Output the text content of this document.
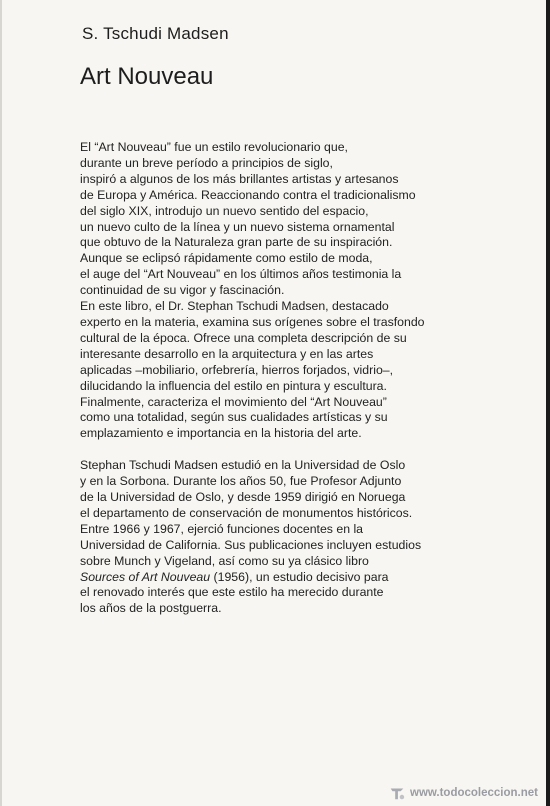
S. Tschudi Madsen
Art Nouveau
El “Art Nouveau” fue un estilo revolucionario que,
durante un breve período a principios de siglo,
inspiró a algunos de los más brillantes artistas y artesanos
de Europa y América. Reaccionando contra el tradicionalismo
del siglo XIX, introdujo un nuevo sentido del espacio,
un nuevo culto de la línea y un nuevo sistema ornamental
que obtuvo de la Naturaleza gran parte de su inspiración.
Aunque se eclipsó rápidamente como estilo de moda,
el auge del “Art Nouveau” en los últimos años testimonia la
continuidad de su vigor y fascinación.
En este libro, el Dr. Stephan Tschudi Madsen, destacado
experto en la materia, examina sus orígenes sobre el trasfondo
cultural de la época. Ofrece una completa descripción de su
interesante desarrollo en la arquitectura y en las artes
aplicadas –mobiliario, orfebrería, hierros forjados, vidrio–,
dilucidando la influencia del estilo en pintura y escultura.
Finalmente, caracteriza el movimiento del “Art Nouveau”
como una totalidad, según sus cualidades artísticas y su
emplazamiento e importancia en la historia del arte.
Stephan Tschudi Madsen estudió en la Universidad de Oslo
y en la Sorbona. Durante los años 50, fue Profesor Adjunto
de la Universidad de Oslo, y desde 1959 dirigió en Noruega
el departamento de conservación de monumentos históricos.
Entre 1966 y 1967, ejerció funciones docentes en la
Universidad de California. Sus publicaciones incluyen estudios
sobre Munch y Vigeland, así como su ya clásico libro
Sources of Art Nouveau (1956), un estudio decisivo para
el renovado interés que este estilo ha merecido durante
los años de la postguerra.
www.todocoleccion.net
